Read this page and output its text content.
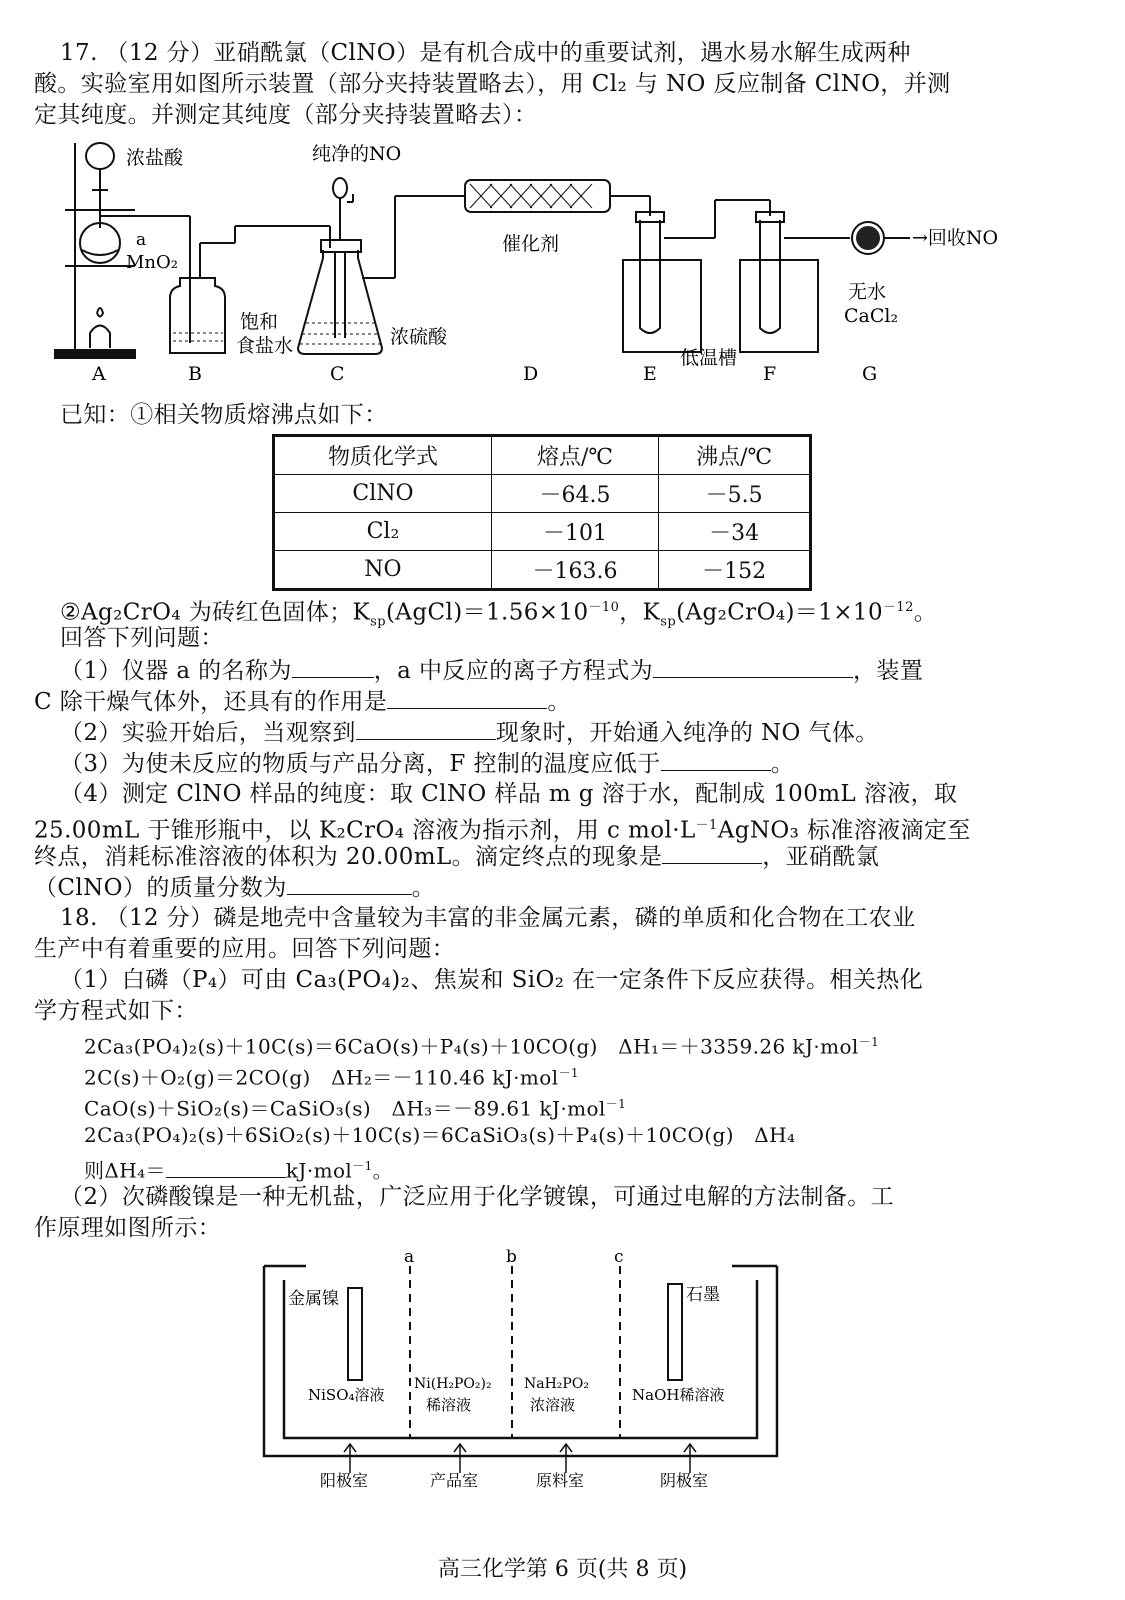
17. （12 分）亚硝酰氯（ClNO）是有机合成中的重要试剂，遇水易水解生成两种
酸。实验室用如图所示装置（部分夹持装置略去），用 Cl₂ 与 NO 反应制备 ClNO，并测
定其纯度。并测定其纯度（部分夹持装置略去）：
浓盐酸
a
MnO₂
纯净的NO
饱和
食盐水	浓硫酸
催化剂
低温槽
→回收NO
无水
CaCl₂
A	B	C	D	E	F	G
已知：①相关物质熔沸点如下：
物质化学式	熔点/℃	沸点/℃
ClNO	－64.5	－5.5
Cl₂	－101	－34
NO	－163.6	－152
②Ag₂CrO₄ 为砖红色固体；$K_{sp}(AgCl)=1.56\times 10^{-10}$，$K_{sp}(Ag_2CrO_4)=1\times 10^{-12}$。
回答下列问题：
（1）仪器 a 的名称为	，a 中反应的离子方程式为	，装置
C 除干燥气体外，还具有的作用是	。
（2）实验开始后，当观察到	现象时，开始通入纯净的 NO 气体。
（3）为使未反应的物质与产品分离，F 控制的温度应低于	。
（4）测定 ClNO 样品的纯度：取 ClNO 样品 m g 溶于水，配制成 100mL 溶液，取
25.00mL 于锥形瓶中，以 K₂CrO₄ 溶液为指示剂，用 c $mol\cdot L^{-1}AgNO_3$ 标准溶液滴定至
终点，消耗标准溶液的体积为 20.00mL。滴定终点的现象是	，亚硝酰氯
（ClNO）的质量分数为	。
18. （12 分）磷是地壳中含量较为丰富的非金属元素，磷的单质和化合物在工农业
生产中有着重要的应用。回答下列问题：
（1）白磷（P₄）可由 Ca₃(PO₄)₂、焦炭和 SiO₂ 在一定条件下反应获得。相关热化
学方程式如下：
2Ca₃(PO₄)₂(s)＋10C(s)＝6CaO(s)＋P₄(s)＋10CO(g)　ΔH₁＝＋3359.26 kJ·mol$^{-1}$
2C(s)＋O₂(g)＝2CO(g)　ΔH₂＝－110.46 kJ·mol$^{-1}$
CaO(s)＋SiO₂(s)＝CaSiO₃(s)　ΔH₃＝－89.61 kJ·mol$^{-1}$
2Ca₃(PO₄)₂(s)＋6SiO₂(s)＋10C(s)＝6CaSiO₃(s)＋P₄(s)＋10CO(g)　ΔH₄
则ΔH₄＝	kJ·mol$^{-1}$。
（2）次磷酸镍是一种无机盐，广泛应用于化学镀镍，可通过电解的方法制备。工
作原理如图所示：
a	b	c
金属镍	石墨
NiSO₄溶液
Ni(H₂PO₂)₂
稀溶液
NaH₂PO₂
浓溶液
NaOH稀溶液
阳极室	产品室	原料室	阴极室
高三化学第 6 页(共 8 页)
